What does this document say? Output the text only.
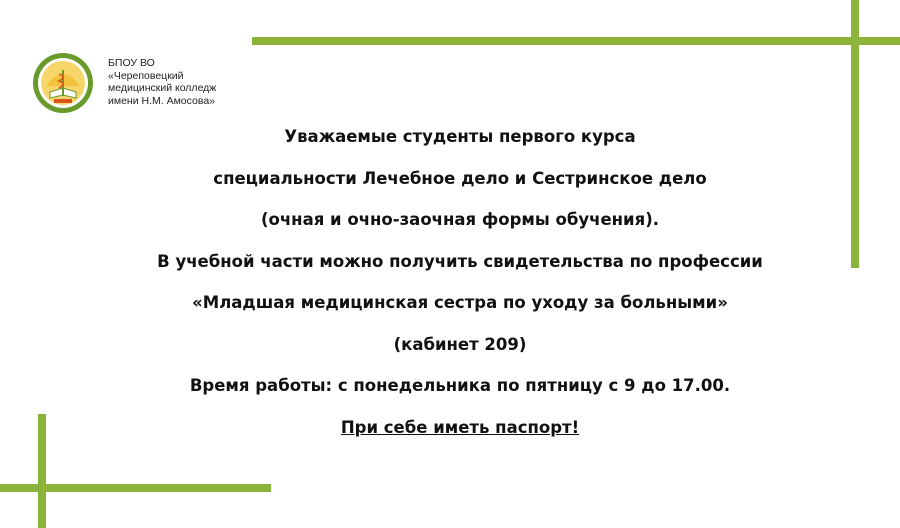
БПОУ ВО
«Череповецкий
медицинский колледж
имени Н.М. Амосова»
Уважаемые студенты первого курса
специальности Лечебное дело и Сестринское дело
(очная и очно-заочная формы обучения).
В учебной части можно получить свидетельства по профессии
«Младшая медицинская сестра по уходу за больными»
(кабинет 209)
Время работы: с понедельника по пятницу с 9 до 17.00.
При себе иметь паспорт!
